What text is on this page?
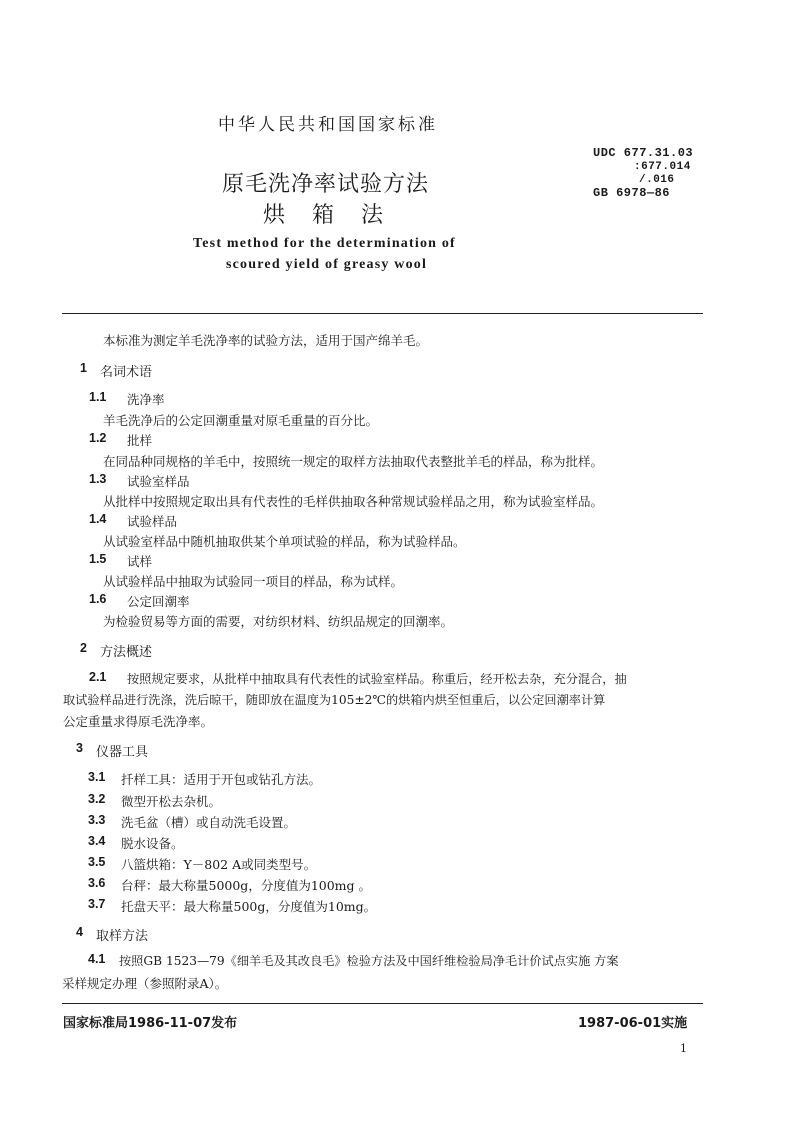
中华人民共和国国家标准
原毛洗净率试验方法
烘 箱 法
Test method for the determination of
scoured yield of greasy wool
UDC 677.31.03
:677.014
/.016
GB 6978—86
本标准为测定羊毛洗净率的试验方法，适用于国产绵羊毛。
1 名词术语
1.1 洗净率
羊毛洗净后的公定回潮重量对原毛重量的百分比。
1.2 批样
在同品种同规格的羊毛中，按照统一规定的取样方法抽取代表整批羊毛的样品，称为批样。
1.3 试验室样品
从批样中按照规定取出具有代表性的毛样供抽取各种常规试验样品之用，称为试验室样品。
1.4 试验样品
从试验室样品中随机抽取供某个单项试验的样品，称为试验样品。
1.5 试样
从试验样品中抽取为试验同一项目的样品，称为试样。
1.6 公定回潮率
为检验贸易等方面的需要，对纺织材料、纺织品规定的回潮率。
2 方法概述
2.1 按照规定要求，从批样中抽取具有代表性的试验室样品。称重后，经开松去杂，充分混合，抽
取试验样品进行洗涤，洗后晾干，随即放在温度为105±2℃的烘箱内烘至恒重后，以公定回潮率计算
公定重量求得原毛洗净率。
3 仪器工具
3.1 扦样工具：适用于开包或钻孔方法。
3.2 微型开松去杂机。
3.3 洗毛盆（槽）或自动洗毛设置。
3.4 脱水设备。
3.5 八篮烘箱：Y－802 A或同类型号。
3.6 台秤：最大称量5000g，分度值为100mg 。
3.7 托盘天平：最大称量500g，分度值为10mg。
4 取样方法
4.1 按照GB 1523—79《细羊毛及其改良毛》检验方法及中国纤维检验局净毛计价试点实施 方案
采样规定办理（参照附录A）。
国家标准局1986-11-07发布	1987-06-01实施
1
